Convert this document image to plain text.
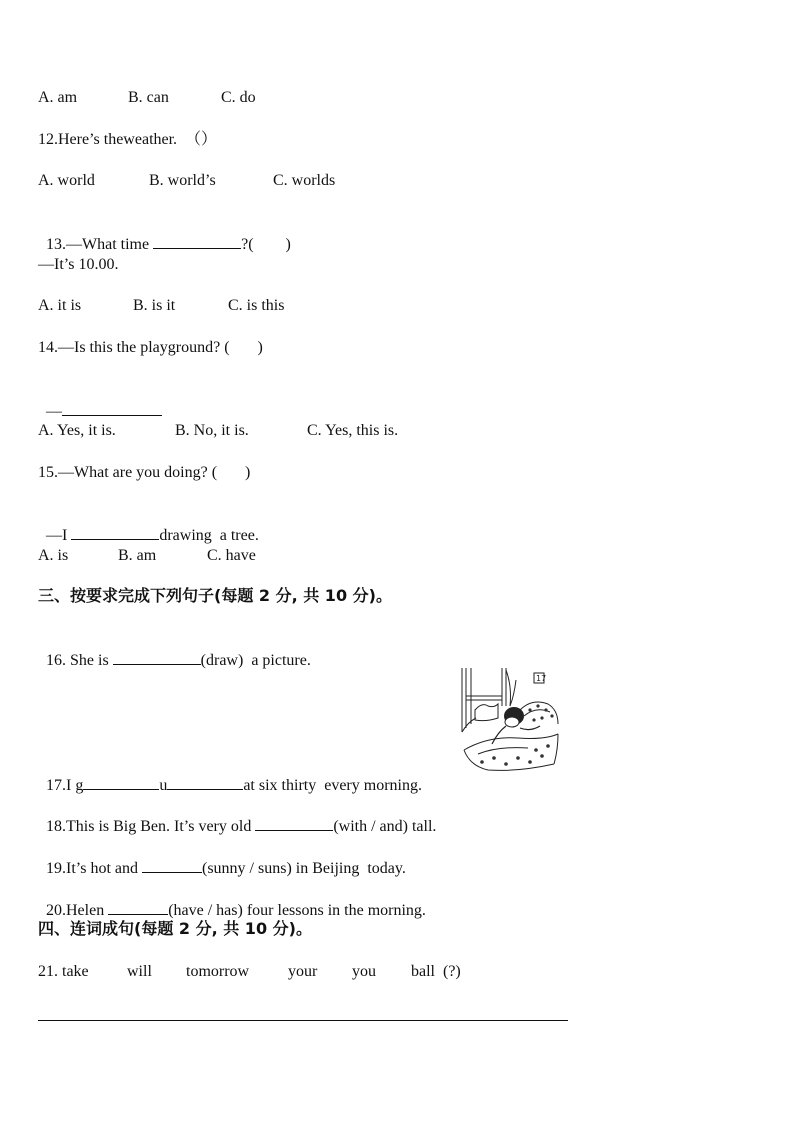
A. am	B. can	C. do
12.Here’s theweather.  （）
A. world	B. world’s	C. worlds

13.—What time	?(        )

—It’s 10.00.
A. it is	B. is it	C. is this
14.—Is this the playground? (       )

—

A. Yes, it is.	B. No, it is.	C. Yes, this is.
15.—What are you doing? (       )

—I	drawing  a tree.

A. is	B. am	C. have
三、按要求完成下列句子(每题 2 分, 共 10 分)。

16. She is	(draw)  a picture.

17

17.I g	u	at six thirty  every morning.

18.This is Big Ben. It’s very old	(with / and) tall.

19.It’s hot and	(sunny / suns) in Beijing  today.

20.Helen	(have / has) four lessons in the morning.

四、连词成句(每题 2 分, 共 10 分)。
21. take will tomorrow your you ball  (?)
